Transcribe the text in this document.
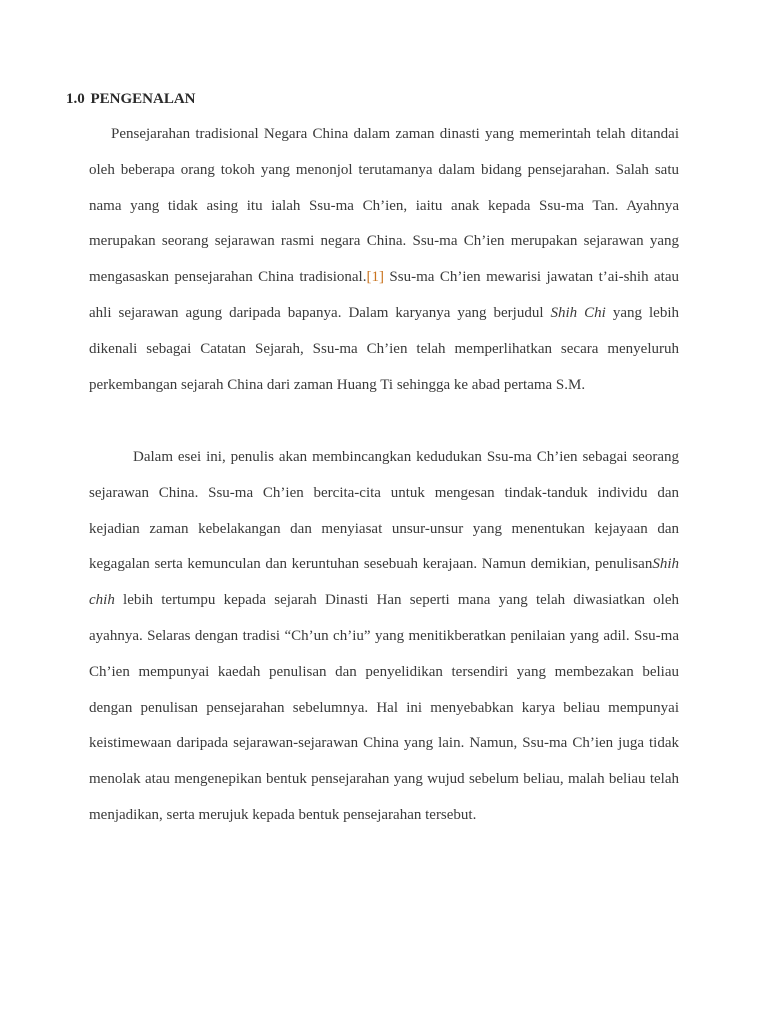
1.0 PENGENALAN

Pensejarahan tradisional Negara China dalam zaman dinasti yang memerintah telah ditandai oleh beberapa orang tokoh yang menonjol terutamanya dalam bidang pensejarahan. Salah satu nama yang tidak asing itu ialah Ssu-ma Ch’ien, iaitu anak kepada Ssu-ma Tan. Ayahnya merupakan seorang sejarawan rasmi negara China. Ssu-ma Ch’ien merupakan sejarawan yang mengasaskan pensejarahan China tradisional.[1] Ssu-ma Ch’ien mewarisi jawatan t’ai-shih atau ahli sejarawan agung daripada bapanya. Dalam karyanya yang berjudul Shih Chi yang lebih dikenali sebagai Catatan Sejarah, Ssu-ma Ch’ien telah memperlihatkan secara menyeluruh perkembangan sejarah China dari zaman Huang Ti sehingga ke abad pertama S.M.

Dalam esei ini, penulis akan membincangkan kedudukan Ssu-ma Ch’ien sebagai seorang sejarawan China. Ssu-ma Ch’ien bercita-cita untuk mengesan tindak-tanduk individu dan kejadian zaman kebelakangan dan menyiasat unsur-unsur yang menentukan kejayaan dan kegagalan serta kemunculan dan keruntuhan sesebuah kerajaan. Namun demikian, penulisanShih chih lebih tertumpu kepada sejarah Dinasti Han seperti mana yang telah diwasiatkan oleh ayahnya. Selaras dengan tradisi “Ch’un ch’iu” yang menitikberatkan penilaian yang adil. Ssu-ma Ch’ien mempunyai kaedah penulisan dan penyelidikan tersendiri yang membezakan beliau dengan penulisan pensejarahan sebelumnya. Hal ini menyebabkan karya beliau mempunyai keistimewaan daripada sejarawan-sejarawan China yang lain. Namun, Ssu-ma Ch’ien juga tidak menolak atau mengenepikan bentuk pensejarahan yang wujud sebelum beliau, malah beliau telah menjadikan, serta merujuk kepada bentuk pensejarahan tersebut.
